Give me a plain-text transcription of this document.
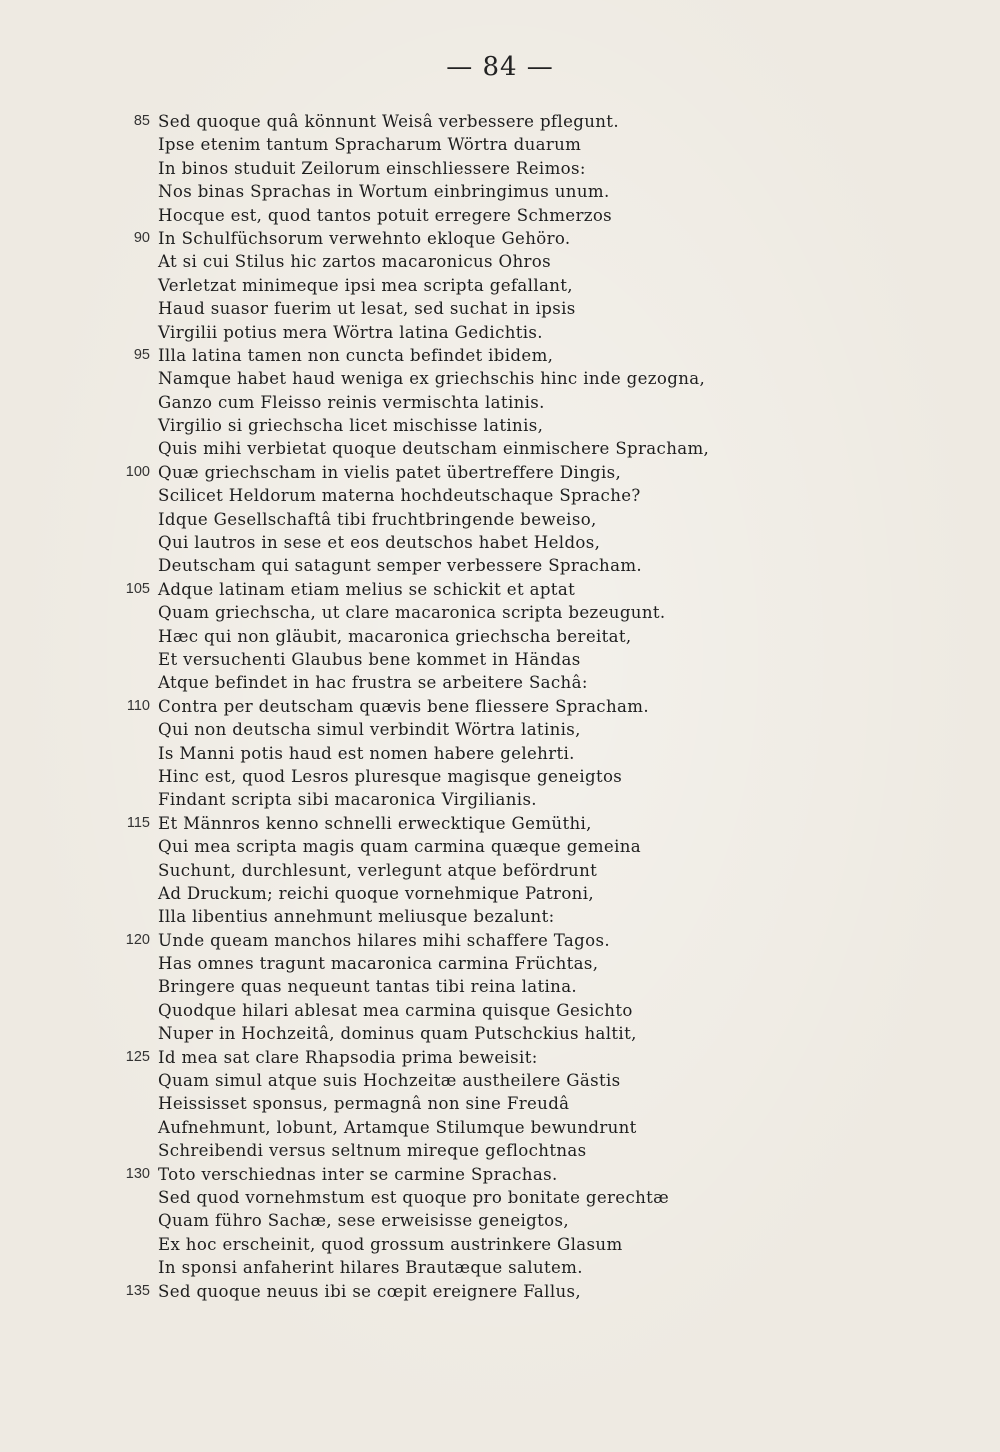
— 84 —
85 Sed quoque quâ könnunt Weisâ verbessere pflegunt.
Ipse etenim tantum Spracharum Wörtra duarum
In binos studuit Zeilorum einschliessere Reimos:
Nos binas Sprachas in Wortum einbringimus unum.
Hocque est, quod tantos potuit erregere Schmerzos
90 In Schulfüchsorum verwehnto ekloque Gehöro.
At si cui Stilus hic zartos macaronicus Ohros
Verletzat minimeque ipsi mea scripta gefallant,
Haud suasor fuerim ut lesat, sed suchat in ipsis
Virgilii potius mera Wörtra latina Gedichtis.
95 Illa latina tamen non cuncta befindet ibidem,
Namque habet haud weniga ex griechschis hinc inde gezogna,
Ganzo cum Fleisso reinis vermischta latinis.
Virgilio si griechscha licet mischisse latinis,
Quis mihi verbietat quoque deutscham einmischere Spracham,
100 Quæ griechscham in vielis patet übertreffere Dingis,
Scilicet Heldorum materna hochdeutschaque Sprache?
Idque Gesellschaftâ tibi fruchtbringende beweiso,
Qui lautros in sese et eos deutschos habet Heldos,
Deutscham qui satagunt semper verbessere Spracham.
105 Adque latinam etiam melius se schickit et aptat
Quam griechscha, ut clare macaronica scripta bezeugunt.
Hæc qui non gläubit, macaronica griechscha bereitat,
Et versuchenti Glaubus bene kommet in Händas
Atque befindet in hac frustra se arbeitere Sachâ:
110 Contra per deutscham quævis bene fliessere Spracham.
Qui non deutscha simul verbindit Wörtra latinis,
Is Manni potis haud est nomen habere gelehrti.
Hinc est, quod Lesros pluresque magisque geneigtos
Findant scripta sibi macaronica Virgilianis.
115 Et Männros kenno schnelli erwecktique Gemüthi,
Qui mea scripta magis quam carmina quæque gemeina
Suchunt, durchlesunt, verlegunt atque befördrunt
Ad Druckum; reichi quoque vornehmique Patroni,
Illa libentius annehmunt meliusque bezalunt:
120 Unde queam manchos hilares mihi schaffere Tagos.
Has omnes tragunt macaronica carmina Früchtas,
Bringere quas nequeunt tantas tibi reina latina.
Quodque hilari ablesat mea carmina quisque Gesichto
Nuper in Hochzeitâ, dominus quam Putschckius haltit,
125 Id mea sat clare Rhapsodia prima beweisit:
Quam simul atque suis Hochzeitæ austheilere Gästis
Heississet sponsus, permagnâ non sine Freudâ
Aufnehmunt, lobunt, Artamque Stilumque bewundrunt
Schreibendi versus seltnum mireque geflochtnas
130 Toto verschiednas inter se carmine Sprachas.
Sed quod vornehmstum est quoque pro bonitate gerechtæ
Quam führo Sachæ, sese erweisisse geneigtos,
Ex hoc erscheinit, quod grossum austrinkere Glasum
In sponsi anfaherint hilares Brautæque salutem.
135 Sed quoque neuus ibi se cœpit ereignere Fallus,
